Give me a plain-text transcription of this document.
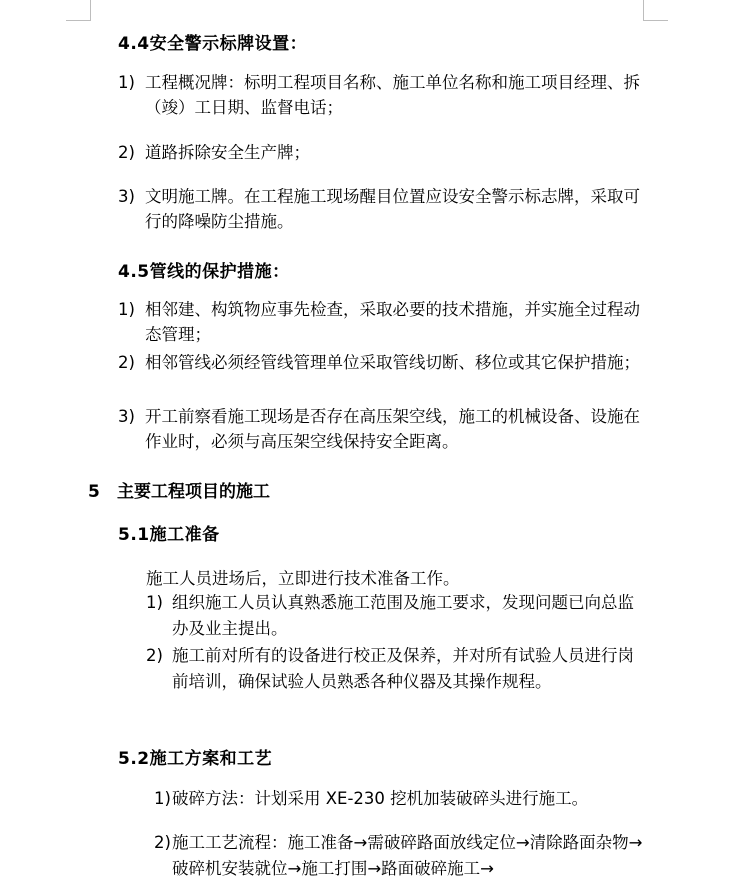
4.4安全警示标牌设置：
1) 工程概况牌：标明工程项目名称、施工单位名称和施工项目经理、拆（竣）工日期、监督电话；
2) 道路拆除安全生产牌；
3) 文明施工牌。在工程施工现场醒目位置应设安全警示标志牌，采取可行的降噪防尘措施。
4.5管线的保护措施：
1) 相邻建、构筑物应事先检查，采取必要的技术措施，并实施全过程动态管理；
2) 相邻管线必须经管线管理单位采取管线切断、移位或其它保护措施；
3) 开工前察看施工现场是否存在高压架空线，施工的机械设备、设施在作业时，必须与高压架空线保持安全距离。
5 主要工程项目的施工
5.1施工准备
施工人员进场后，立即进行技术准备工作。
1) 组织施工人员认真熟悉施工范围及施工要求，发现问题已向总监办及业主提出。
2) 施工前对所有的设备进行校正及保养，并对所有试验人员进行岗前培训，确保试验人员熟悉各种仪器及其操作规程。
5.2施工方案和工艺
1) 破碎方法：计划采用 XE-230 挖机加装破碎头进行施工。
2) 施工工艺流程：施工准备→需破碎路面放线定位→清除路面杂物→破碎机安装就位→施工打围→路面破碎施工→
